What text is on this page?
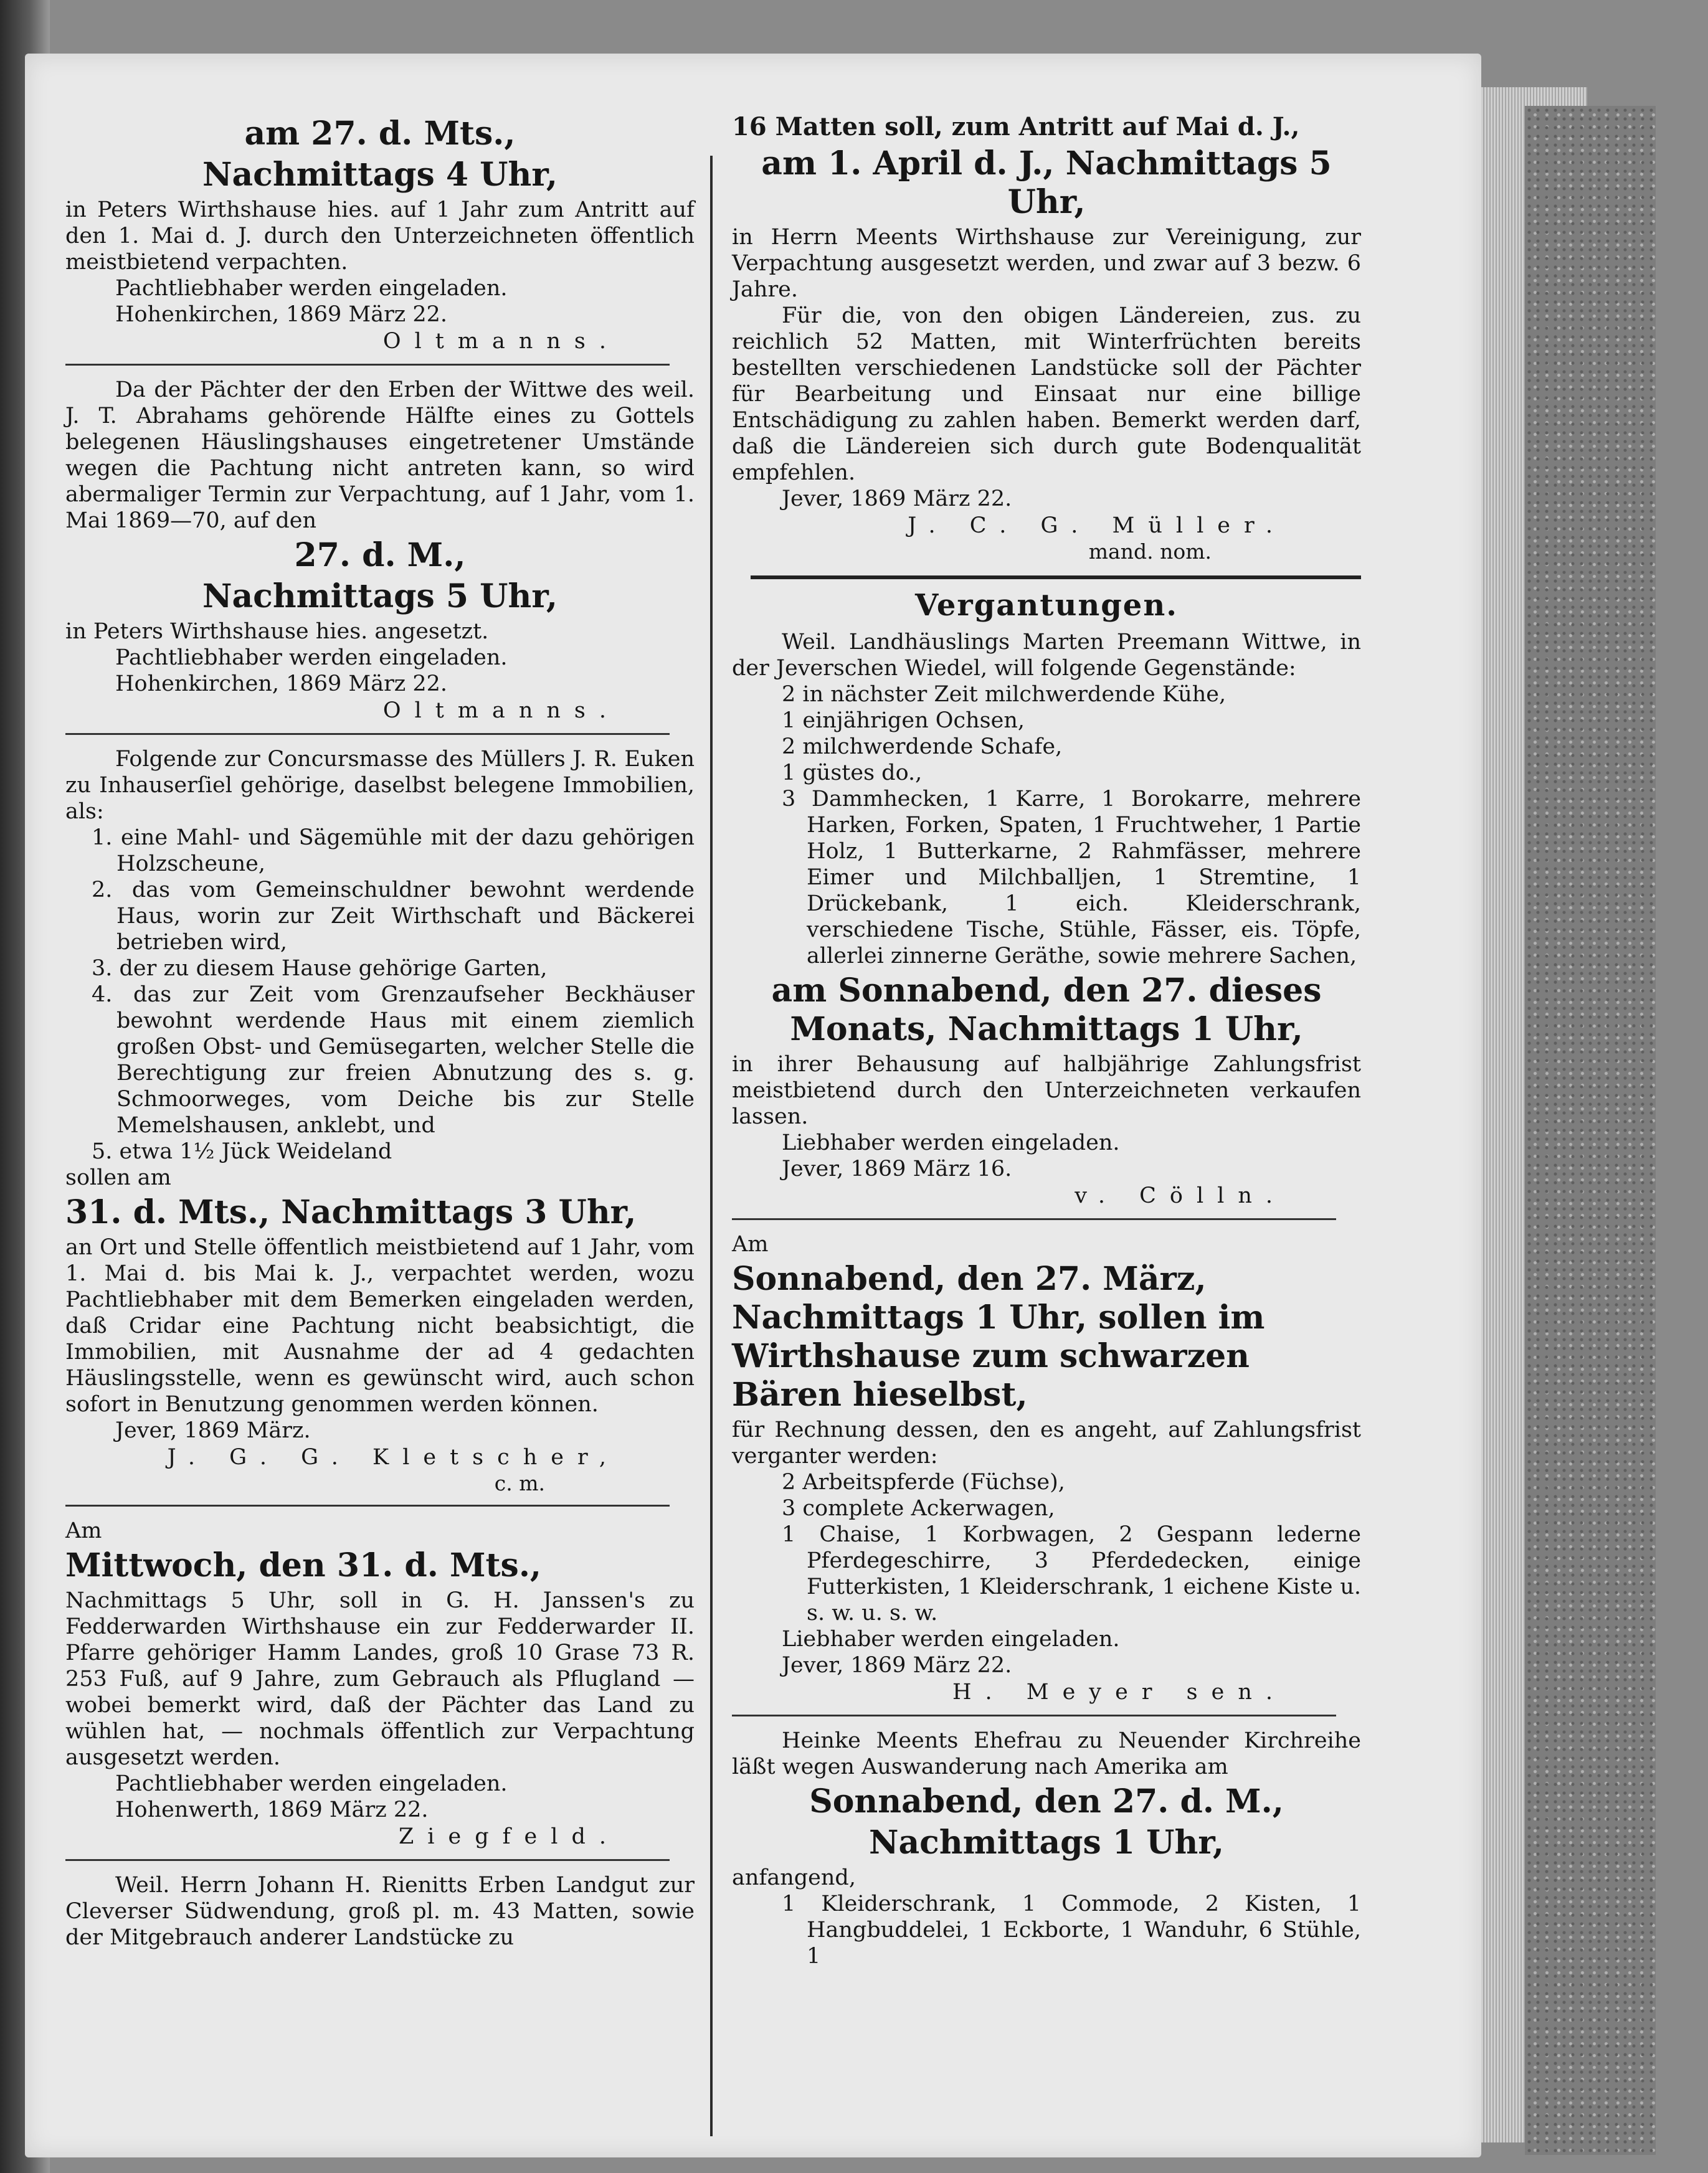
am 27. d. Mts.,
Nachmittags 4 Uhr,

in Peters Wirthshause hies. auf 1 Jahr zum Antritt auf den 1. Mai d. J. durch den Unterzeichneten öffentlich meistbietend verpachten.

Pachtliebhaber werden eingeladen.

Hohenkirchen, 1869 März 22.

Oltmanns.

Da der Pächter der den Erben der Wittwe des weil. J. T. Abrahams gehörende Hälfte eines zu Gottels belegenen Häuslingshauses eingetretener Umstände wegen die Pachtung nicht antreten kann, so wird abermaliger Termin zur Verpachtung, auf 1 Jahr, vom 1. Mai 1869—70, auf den

27. d. M.,
Nachmittags 5 Uhr,

in Peters Wirthshause hies. angesetzt.

Pachtliebhaber werden eingeladen.

Hohenkirchen, 1869 März 22.

Oltmanns.

Folgende zur Concursmasse des Müllers J. R. Euken zu Inhauserſiel gehörige, daselbst belegene Immobilien, als:

1. eine Mahl- und Sägemühle mit der dazu gehörigen Holzscheune,

2. das vom Gemeinschuldner bewohnt werdende Haus, worin zur Zeit Wirthschaft und Bäckerei betrieben wird,

3. der zu diesem Hause gehörige Garten,

4. das zur Zeit vom Grenzaufseher Beckhäuser bewohnt werdende Haus mit einem ziemlich großen Obst- und Gemüsegarten, welcher Stelle die Berechtigung zur freien Abnutzung des s. g. Schmoorweges, vom Deiche bis zur Stelle Memelshausen, anklebt, und

5. etwa 1½ Jück Weideland

sollen am

31. d. Mts., Nachmittags 3 Uhr,

an Ort und Stelle öffentlich meistbietend auf 1 Jahr, vom 1. Mai d. bis Mai k. J., verpachtet werden, wozu Pachtliebhaber mit dem Bemerken eingeladen werden, daß Cridar eine Pachtung nicht beabsichtigt, die Immobilien, mit Ausnahme der ad 4 gedachten Häuslingsstelle, wenn es gewünscht wird, auch schon sofort in Benutzung genommen werden können.

Jever, 1869 März.

J. G. G. Kletscher,
c. m.

Am

Mittwoch, den 31. d. Mts.,

Nachmittags 5 Uhr, soll in G. H. Janssen's zu Fedderwarden Wirthshause ein zur Fedderwarder II. Pfarre gehöriger Hamm Landes, groß 10 Grase 73 R. 253 Fuß, auf 9 Jahre, zum Gebrauch als Pflugland — wobei bemerkt wird, daß der Pächter das Land zu wühlen hat, — nochmals öffentlich zur Verpachtung ausgesetzt werden.

Pachtliebhaber werden eingeladen.

Hohenwerth, 1869 März 22.

Ziegfeld.

Weil. Herrn Johann H. Rienitts Erben Landgut zur Cleverser Südwendung, groß pl. m. 43 Matten, sowie der Mitgebrauch anderer Landstücke zu

16 Matten soll, zum Antritt auf Mai d. J.,

am 1. April d. J., Nachmittags 5 Uhr,

in Herrn Meents Wirthshause zur Vereinigung, zur Verpachtung ausgesetzt werden, und zwar auf 3 bezw. 6 Jahre.

Für die, von den obigen Ländereien, zus. zu reichlich 52 Matten, mit Winterfrüchten bereits bestellten verschiedenen Landstücke soll der Pächter für Bearbeitung und Einsaat nur eine billige Entschädigung zu zahlen haben. Bemerkt werden darf, daß die Ländereien sich durch gute Bodenqualität empfehlen.

Jever, 1869 März 22.

J. C. G. Müller.
mand. nom.
Vergantungen.

Weil. Landhäuslings Marten Preemann Wittwe, in der Jeverschen Wiedel, will folgende Gegenstände:

2 in nächster Zeit milchwerdende Kühe,

1 einjährigen Ochsen,

2 milchwerdende Schafe,

1 güstes do.,

3 Dammhecken, 1 Karre, 1 Borokarre, mehrere Harken, Forken, Spaten, 1 Fruchtweher, 1 Partie Holz, 1 Butterkarne, 2 Rahmfässer, mehrere Eimer und Milchballjen, 1 Stremtine, 1 Drückebank, 1 eich. Kleiderschrank, verschiedene Tische, Stühle, Fässer, eis. Töpfe, allerlei zinnerne Geräthe, sowie mehrere Sachen,

am Sonnabend, den 27. dieses Monats, Nachmittags 1 Uhr,

in ihrer Behausung auf halbjährige Zahlungsfrist meistbietend durch den Unterzeichneten verkaufen lassen.

Liebhaber werden eingeladen.

Jever, 1869 März 16.

v. Cölln.

Am

Sonnabend, den 27. März, Nachmittags 1 Uhr, sollen im Wirthshause zum schwarzen Bären hieselbst,

für Rechnung dessen, den es angeht, auf Zahlungsfrist verganter werden:

2 Arbeitspferde (Füchse),

3 complete Ackerwagen,

1 Chaise, 1 Korbwagen, 2 Gespann lederne Pferdegeschirre, 3 Pferdedecken, einige Futterkisten, 1 Kleiderschrank, 1 eichene Kiste u. s. w. u. s. w.

Liebhaber werden eingeladen.

Jever, 1869 März 22.

H. Meyer sen.

Heinke Meents Ehefrau zu Neuender Kirchreihe läßt wegen Auswanderung nach Amerika am

Sonnabend, den 27. d. M.,
Nachmittags 1 Uhr,

anfangend,

1 Kleiderschrank, 1 Commode, 2 Kisten, 1 Hangbuddelei, 1 Eckborte, 1 Wanduhr, 6 Stühle, 1
